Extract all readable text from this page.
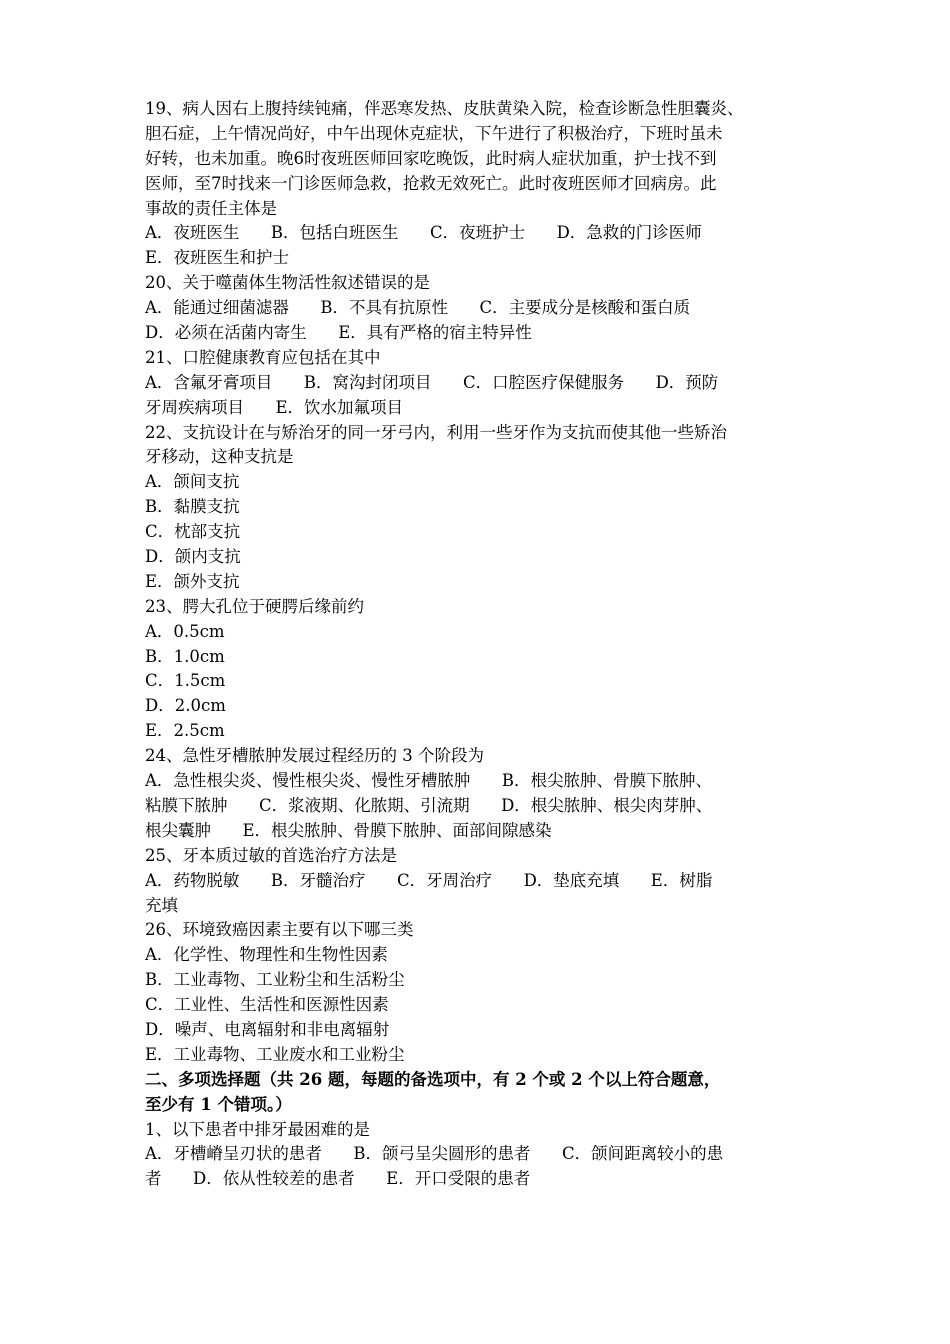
19、病人因右上腹持续钝痛，伴恶寒发热、皮肤黄染入院，检查诊断急性胆囊炎、
胆石症，上午情况尚好，中午出现休克症状，下午进行了积极治疗，下班时虽未
好转，也未加重。晚6时夜班医师回家吃晚饭，此时病人症状加重，护士找不到
医师，至7时找来一门诊医师急救，抢救无效死亡。此时夜班医师才回病房。此
事故的责任主体是
A．夜班医生      B．包括白班医生      C．夜班护士      D．急救的门诊医师
E．夜班医生和护士
20、关于噬菌体生物活性叙述错误的是
A．能通过细菌滤器      B．不具有抗原性      C．主要成分是核酸和蛋白质
D．必须在活菌内寄生      E．具有严格的宿主特异性
21、口腔健康教育应包括在其中
A．含氟牙膏项目      B．窝沟封闭项目      C．口腔医疗保健服务      D．预防
牙周疾病项目      E．饮水加氟项目
22、支抗设计在与矫治牙的同一牙弓内，利用一些牙作为支抗而使其他一些矫治
牙移动，这种支抗是
A．颌间支抗
B．黏膜支抗
C．枕部支抗
D．颌内支抗
E．颌外支抗
23、腭大孔位于硬腭后缘前约
A．0.5cm
B．1.0cm
C．1.5cm
D．2.0cm
E．2.5cm
24、急性牙槽脓肿发展过程经历的 3 个阶段为
A．急性根尖炎、慢性根尖炎、慢性牙槽脓肿      B．根尖脓肿、骨膜下脓肿、
粘膜下脓肿      C．浆液期、化脓期、引流期      D．根尖脓肿、根尖肉芽肿、
根尖囊肿      E．根尖脓肿、骨膜下脓肿、面部间隙感染
25、牙本质过敏的首选治疗方法是
A．药物脱敏      B．牙髓治疗      C．牙周治疗      D．垫底充填      E．树脂
充填
26、环境致癌因素主要有以下哪三类
A．化学性、物理性和生物性因素
B．工业毒物、工业粉尘和生活粉尘
C．工业性、生活性和医源性因素
D．噪声、电离辐射和非电离辐射
E．工业毒物、工业废水和工业粉尘
二、多项选择题（共 26 题，每题的备选项中，有 2 个或 2 个以上符合题意，
至少有 1 个错项。）
1、以下患者中排牙最困难的是
A．牙槽嵴呈刃状的患者      B．颌弓呈尖圆形的患者      C．颌间距离较小的患
者      D．依从性较差的患者      E．开口受限的患者
